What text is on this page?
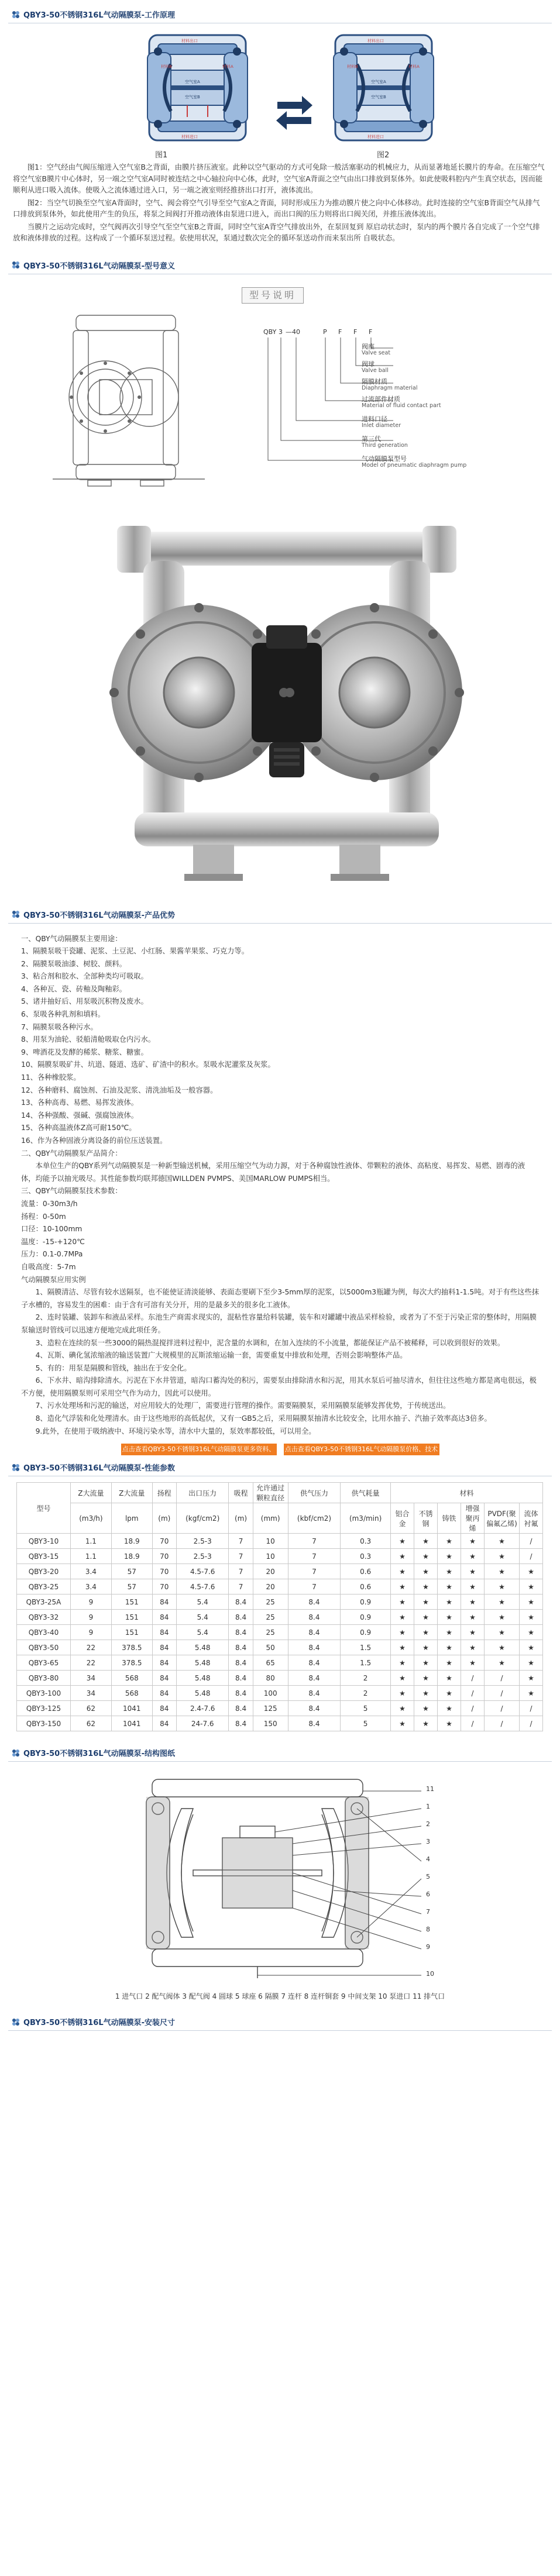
QBY3-50不锈钢316L气动隔膜泵-工作原理
材料出口
材料B	材料A
空气室A
空气室B
材料进口
材料出口
材料B	材料A
空气室A
空气室B
材料进口
图1	图2

图1：空气经由气阀压缩进入空气室B之背面，由膜片挤压液室。此种以空气驱动的方式可免除一般活塞驱动的机械应力，从而显著地延长膜片的寿命。在压缩空气将空气室B膜片中心体时，另一端之空气室A同时被连结之中心轴拉向中心体，此时，空气室A背面之空气由出口排放到泵体外。如此使吸料腔内产生真空状态，因而能顺利从进口吸入流体。使吸入之流体通过进入口，另一端之液室则经推挤出口打开，液体流出。

图2：当空气切换至空气室A背面时，空气、阀会将空气引导至空气室A之背面，同时形成压力为推动膜片使之向中心体移动。此时连接的空气室B背面空气从排气口排放到泵体外，如此使用产生的负压，将泵之间阀打开推动液体由泵进口进入，而出口阀的压力则将出口阀关闭，并推压液体流出。

当膜片之运动完成时，空气阀再次引导空气至空气室B之背面，同时空气室A背空气排放出外，在泵回复到 原启动状态时，泵内的两个膜片各自完成了一个空气排放和液体排放的过程。这构成了一个循环泵送过程。依使用状况，泵通过数次完全的循环泵送动作而来泵出所 自吸状态。

QBY3-50不锈钢316L气动隔膜泵-型号意义
型号说明
QBY 3 —40	P F F F
阀座
Valve seat
阀球
Valve ball
隔膜材质
Diaphragm material
过流部件材质
Material of fluid contact part
进料口径
Inlet diameter
第三代
Third generation
气动隔膜泵型号
Model of pneumatic diaphragm pump
QBY3-50不锈钢316L气动隔膜泵-产品优势
一、QBY气动隔膜泵主要用途：
1、隔膜泵吸干瓷罐、泥浆、土豆泥、小红肠、果酱苹果浆、巧克力等。
2、隔膜泵吸油漆、树胶、颜料。
3、粘合剂和胶水、全部种类均可吸取。
4、各种瓦、瓷、砖釉及陶釉彩。
5、诸井抽好后、用泵吸沉积物及废水。
6、泵吸各种乳剂和填料。
7、隔膜泵吸各种污水。
8、用泵为油轮、驳船清舱吸取仓内污水。
9、啤酒花及发酵的稀浆、糖浆、糖蜜。
10、隔膜泵吸矿井、坑道、隧道、选矿、矿渣中的积水。泵吸水泥灌浆及灰浆。
11、各种橡胶浆。
12、各种磨料、腐蚀剂、石油及泥浆、清洗油垢及一般容器。
13、各种高毒、易燃、易挥发液体。
14、各种强酸、强碱、强腐蚀液体。
15、各种高温液体Z高可耐150℃。
16、作为各种固液分离设备的前位压送装置。
二、QBY气动隔膜泵产品简介：
本单位生产的QBY系列气动隔膜泵是一种新型输送机械，采用压缩空气为动力源，对于各种腐蚀性液体、带颗粒的液体、高粘度、易挥发、易燃、剧毒的液体，均能予以抽光吸尽。其性能参数均联邦德国WILLDEN PVMPS、美国MARLOW PUMPS相当。
三、QBY气动隔膜泵技术参数：
流量：0-30m3/h
扬程：0-50m
口径：10-100mm
温度：-15-+120℃
压力：0.1-0.7MPa
自吸高度：5-7m
气动隔膜泵应用实例
1、隔膜清洁、尽管有较水送隔泵，也不能使证清淡能够、表面态要刷下至少3-5mm厚的泥浆，以5000m3瓶罐为例，每次大约抽料1-1.5吨。对于有些这些抹子水槽的，容易发生的困难：由于含有可溶有关分开，用的是最多关的很多化工液体。
2、连时装罐、装卸车和液品采样。东池生产商需求现实的，混粘性容量给料装罐，装车和对罐罐中液品采样检验，或者为了不至于污染正常的整体时，用隔膜泵输送时管线可以迅速方便地完成此项任务。
3、造粒在连续的泵一些3000的隔热混搅拌进料过程中，泥含量的水调和，在加入连续的不小流量，都能保证产品不被稀释，可以收到很好的效果。
4、瓦斯、碘化氢浓缩液的输送装置广大规模里的瓦斯浓缩运输一套，需要重复中排放和处理，否则会影响整体产品。
5、有的：用泵是隔膜和管线，抽出在于安全化。
6、下水井、暗沟排除清水。污泥在下水井管道，暗沟口蓄沟处的积污，需要泵由排除清水和污泥，用其水泵后可抽尽清水，但往往这些地方都是离电很远，极不方便，使用隔膜泵则可采用空气作为动力，因此可以使用。
7、污水处理场和污泥的输送，对应用较大的处理厂，需要进行管理的操作。需要隔膜泵，采用隔膜泵能够发挥优势，于传统送出。
8、造化气浮装和化处理清水。由于这些地形的高低起伏，又有一GB5之后，采用隔膜泵抽清水比较安全，比用水抽子、汽抽子效率高达3倍多。
9.此外，在使用于吸纳液中、环境污染水等，清水中大量的，泵效率都较低，可以用全。
点击查看QBY3-50不锈钢316L气动隔膜泵更多资料、选型
点击查看QBY3-50不锈钢316L气动隔膜泵价格、技术参数
QBY3-50不锈钢316L气动隔膜泵-性能参数
型号	Z大流量	Z大流量	扬程	出口压力	吸程	允许通过颗粒直径	供气压力	供气耗量	材料					
	(m3/h)	lpm	(m)	(kgf/cm2)	(m)	(mm)	(kbf/cm2)	(m3/min)	铝合金	不锈钢	铸铁	增强聚丙烯	PVDF(聚偏氟乙烯)	流体衬氟
QBY3-10	1.1	18.9	70	2.5-3	7	10	7	0.3	★	★	★	★	★	/
QBY3-15	1.1	18.9	70	2.5-3	7	10	7	0.3	★	★	★	★	★	/
QBY3-20	3.4	57	70	4.5-7.6	7	20	7	0.6	★	★	★	★	★	★
QBY3-25	3.4	57	70	4.5-7.6	7	20	7	0.6	★	★	★	★	★	★
QBY3-25A	9	151	84	5.4	8.4	25	8.4	0.9	★	★	★	★	★	★
QBY3-32	9	151	84	5.4	8.4	25	8.4	0.9	★	★	★	★	★	★
QBY3-40	9	151	84	5.4	8.4	25	8.4	0.9	★	★	★	★	★	★
QBY3-50	22	378.5	84	5.48	8.4	50	8.4	1.5	★	★	★	★	★	★
QBY3-65	22	378.5	84	5.48	8.4	65	8.4	1.5	★	★	★	★	★	★
QBY3-80	34	568	84	5.48	8.4	80	8.4	2	★	★	★	/	/	★
QBY3-100	34	568	84	5.48	8.4	100	8.4	2	★	★	★	/	/	★
QBY3-125	62	1041	84	2.4-7.6	8.4	125	8.4	5	★	★	★	/	/	/
QBY3-150	62	1041	84	24-7.6	8.4	150	8.4	5	★	★	★	/	/	/
QBY3-50不锈钢316L气动隔膜泵-结构图纸
11
1
2
3
4
5
6
7
8
9
10
1 进气口 2 配气阀体 3 配气阀 4 圆球 5 球座 6 隔膜 7 连杆 8 连杆铜套 9 中间支架 10 泵进口 11 排气口
QBY3-50不锈钢316L气动隔膜泵-安装尺寸
